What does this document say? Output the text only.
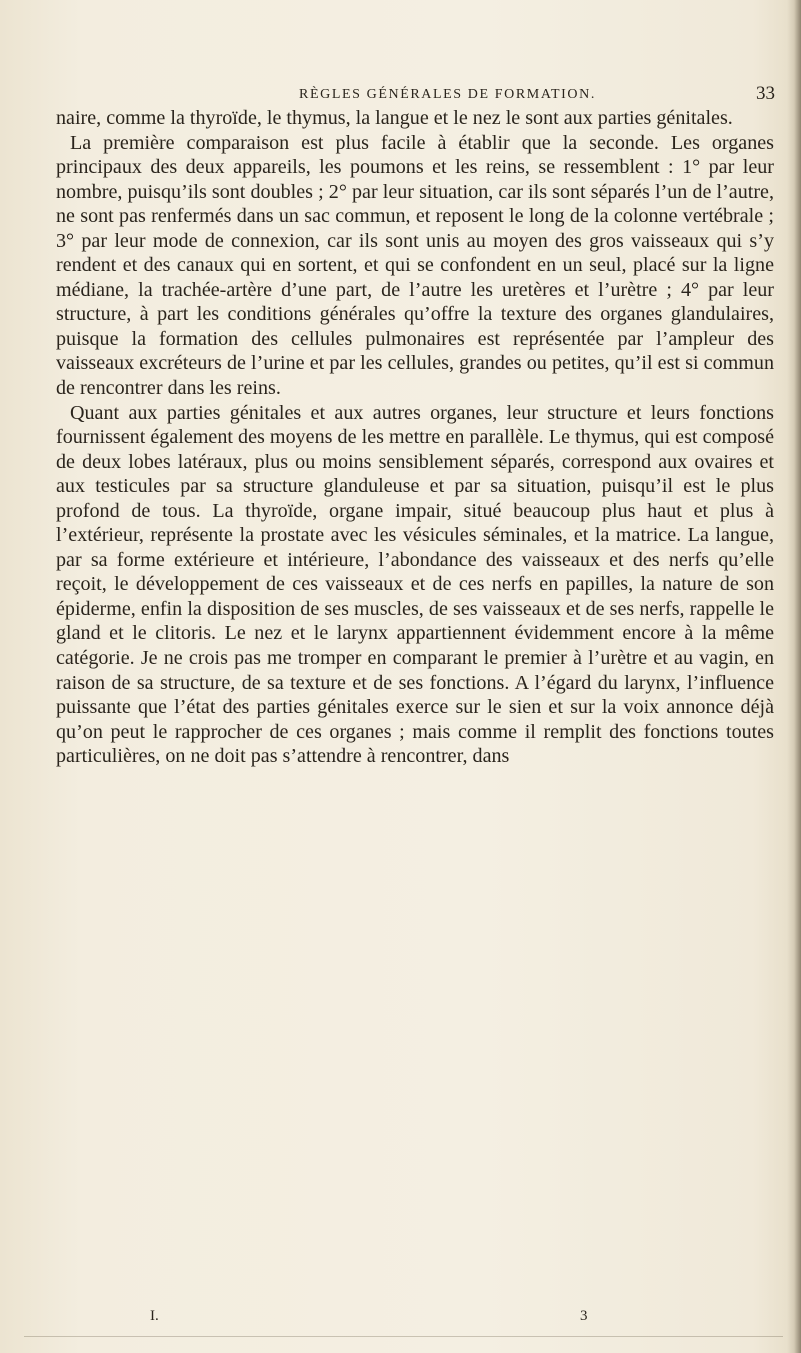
RÈGLES GÉNÉRALES DE FORMATION.	33

naire, comme la thyroïde, le thymus, la langue et le nez le sont aux parties génitales.

La première comparaison est plus facile à établir que la seconde. Les organes principaux des deux appareils, les poumons et les reins, se ressemblent : 1° par leur nombre, puisqu’ils sont doubles ; 2° par leur situation, car ils sont séparés l’un de l’autre, ne sont pas renfermés dans un sac commun, et reposent le long de la colonne vertébrale ; 3° par leur mode de connexion, car ils sont unis au moyen des gros vaisseaux qui s’y rendent et des canaux qui en sortent, et qui se confondent en un seul, placé sur la ligne médiane, la trachée-artère d’une part, de l’autre les uretères et l’urètre ; 4° par leur structure, à part les conditions générales qu’offre la texture des organes glandulaires, puisque la formation des cellules pulmonaires est représentée par l’ampleur des vaisseaux excréteurs de l’urine et par les cellules, grandes ou petites, qu’il est si commun de rencontrer dans les reins.

Quant aux parties génitales et aux autres organes, leur structure et leurs fonctions fournissent également des moyens de les mettre en parallèle. Le thymus, qui est composé de deux lobes latéraux, plus ou moins sensiblement séparés, correspond aux ovaires et aux testicules par sa structure glanduleuse et par sa situation, puisqu’il est le plus profond de tous. La thyroïde, organe impair, situé beaucoup plus haut et plus à l’extérieur, représente la prostate avec les vésicules séminales, et la matrice. La langue, par sa forme extérieure et intérieure, l’abondance des vaisseaux et des nerfs qu’elle reçoit, le développement de ces vaisseaux et de ces nerfs en papilles, la nature de son épiderme, enfin la disposition de ses muscles, de ses vaisseaux et de ses nerfs, rappelle le gland et le clitoris. Le nez et le larynx appartiennent évidemment encore à la même catégorie. Je ne crois pas me tromper en comparant le premier à l’urètre et au vagin, en raison de sa structure, de sa texture et de ses fonctions. A l’égard du larynx, l’influence puissante que l’état des parties génitales exerce sur le sien et sur la voix annonce déjà qu’on peut le rapprocher de ces organes ; mais comme il remplit des fonctions toutes particulières, on ne doit pas s’attendre à rencontrer, dans

I.	3
